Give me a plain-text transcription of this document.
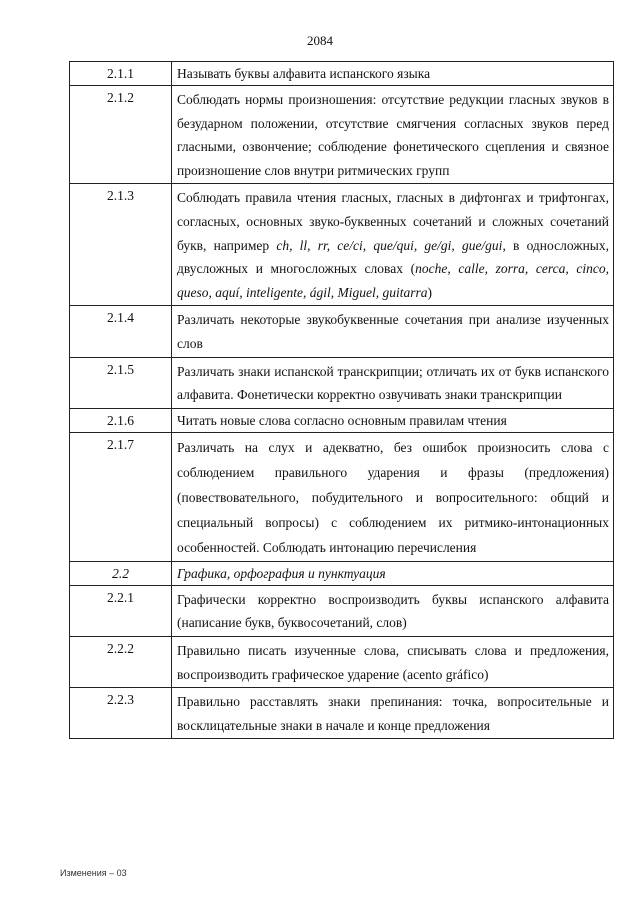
2084
2.1.1	Называть буквы алфавита испанского языка
2.1.2	Соблюдать нормы произношения: отсутствие редукции гласных звуков в безударном положении, отсутствие смягчения согласных звуков перед гласными, озвончение; соблюдение фонетического сцепления и связное произношение слов внутри ритмических групп
2.1.3	Соблюдать правила чтения гласных, гласных в дифтонгах и трифтонгах, согласных, основных звуко-буквенных сочетаний и сложных сочетаний букв, например ch, ll, rr, ce/ci, que/qui, ge/gi, gue/gui, в односложных, двусложных и многосложных словах (noche, calle, zorra, cerca, cinco, queso, aquí, inteligente, ágil, Miguel, guitarra)
2.1.4	Различать некоторые звукобуквенные сочетания при анализе изученных слов
2.1.5	Различать знаки испанской транскрипции; отличать их от букв испанского алфавита. Фонетически корректно озвучивать знаки транскрипции
2.1.6	Читать новые слова согласно основным правилам чтения
2.1.7	Различать на слух и адекватно, без ошибок произносить слова с соблюдением правильного ударения и фразы (предложения) (повествовательного, побудительного и вопросительного: общий и специальный вопросы) с соблюдением их ритмико-интонационных особенностей. Соблюдать интонацию перечисления
2.2	Графика, орфография и пунктуация
2.2.1	Графически корректно воспроизводить буквы испанского алфавита (написание букв, буквосочетаний, слов)
2.2.2	Правильно писать изученные слова, списывать слова и предложения, воспроизводить графическое ударение (acento gráfico)
2.2.3	Правильно расставлять знаки препинания: точка, вопросительные и восклицательные знаки в начале и конце предложения
Изменения – 03
